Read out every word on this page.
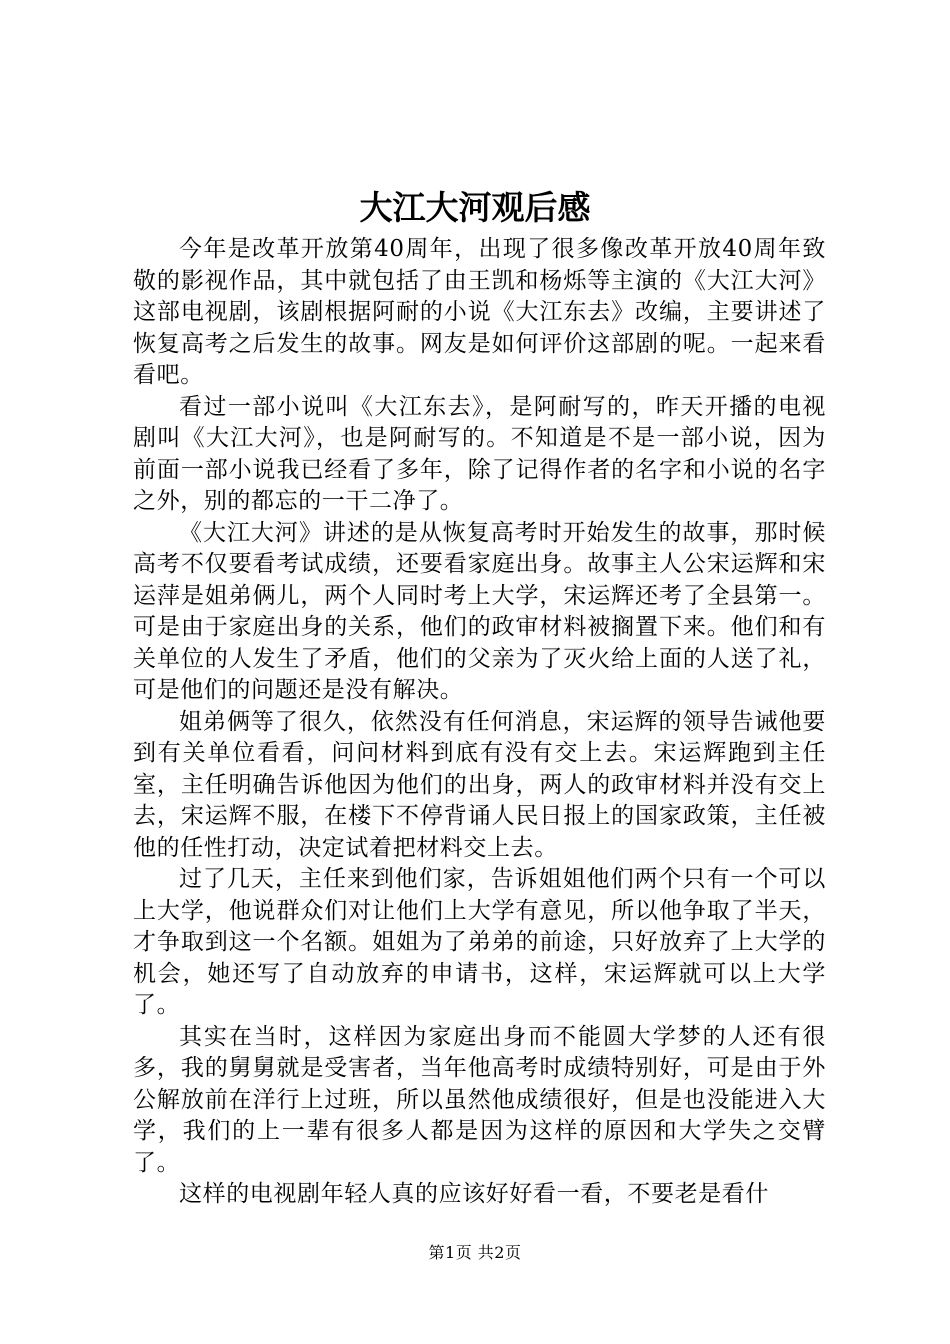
大江大河观后感

今年是改革开放第40周年，出现了很多像改革开放40周年致敬的影视作品，其中就包括了由王凯和杨烁等主演的《大江大河》这部电视剧，该剧根据阿耐的小说《大江东去》改编，主要讲述了恢复高考之后发生的故事。网友是如何评价这部剧的呢。一起来看看吧。

看过一部小说叫《大江东去》，是阿耐写的，昨天开播的电视剧叫《大江大河》，也是阿耐写的。不知道是不是一部小说，因为前面一部小说我已经看了多年，除了记得作者的名字和小说的名字之外，别的都忘的一干二净了。

《大江大河》讲述的是从恢复高考时开始发生的故事，那时候高考不仅要看考试成绩，还要看家庭出身。故事主人公宋运辉和宋运萍是姐弟俩儿，两个人同时考上大学，宋运辉还考了全县第一。可是由于家庭出身的关系，他们的政审材料被搁置下来。他们和有关单位的人发生了矛盾，他们的父亲为了灭火给上面的人送了礼，可是他们的问题还是没有解决。

姐弟俩等了很久，依然没有任何消息，宋运辉的领导告诫他要到有关单位看看，问问材料到底有没有交上去。宋运辉跑到主任室，主任明确告诉他因为他们的出身，两人的政审材料并没有交上去，宋运辉不服，在楼下不停背诵人民日报上的国家政策，主任被他的任性打动，决定试着把材料交上去。

过了几天，主任来到他们家，告诉姐姐他们两个只有一个可以上大学，他说群众们对让他们上大学有意见，所以他争取了半天，才争取到这一个名额。姐姐为了弟弟的前途，只好放弃了上大学的机会，她还写了自动放弃的申请书，这样，宋运辉就可以上大学了。

其实在当时，这样因为家庭出身而不能圆大学梦的人还有很多，我的舅舅就是受害者，当年他高考时成绩特别好，可是由于外公解放前在洋行上过班，所以虽然他成绩很好，但是也没能进入大学，我们的上一辈有很多人都是因为这样的原因和大学失之交臂了。

这样的电视剧年轻人真的应该好好看一看，不要老是看什

第1页 共2页
